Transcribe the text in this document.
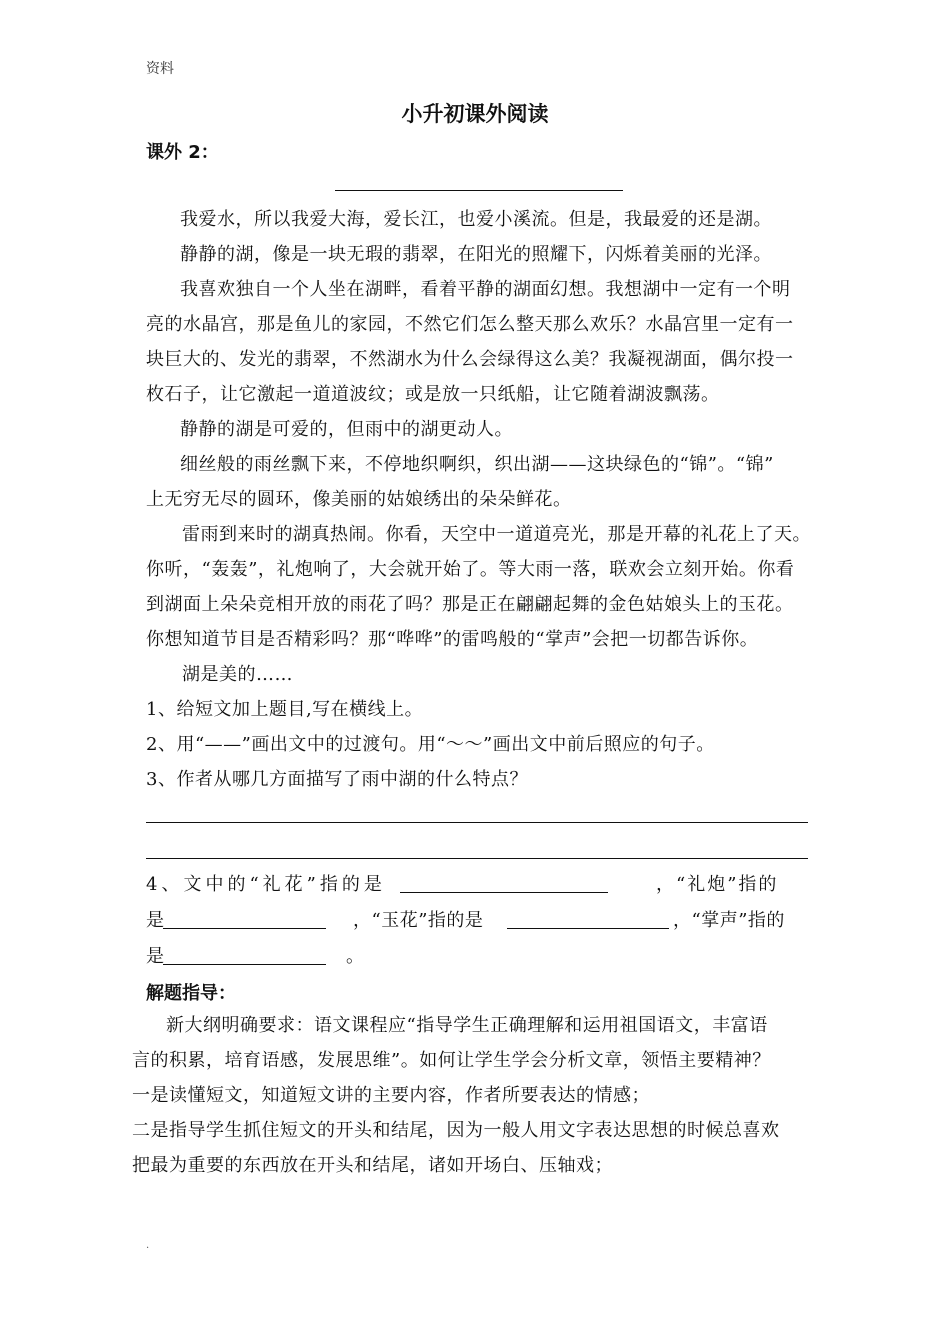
资料
小升初课外阅读
课外 2：
我爱水，所以我爱大海，爱长江，也爱小溪流。但是，我最爱的还是湖。
静静的湖，像是一块无瑕的翡翠，在阳光的照耀下，闪烁着美丽的光泽。
我喜欢独自一个人坐在湖畔，看着平静的湖面幻想。我想湖中一定有一个明
亮的水晶宫，那是鱼儿的家园，不然它们怎么整天那么欢乐？水晶宫里一定有一
块巨大的、发光的翡翠，不然湖水为什么会绿得这么美？我凝视湖面，偶尔投一
枚石子，让它激起一道道波纹；或是放一只纸船，让它随着湖波飘荡。
静静的湖是可爱的，但雨中的湖更动人。
细丝般的雨丝飘下来，不停地织啊织，织出湖——这块绿色的“锦”。“锦”
上无穷无尽的圆环，像美丽的姑娘绣出的朵朵鲜花。
雷雨到来时的湖真热闹。你看，天空中一道道亮光，那是开幕的礼花上了天。
你听，“轰轰”，礼炮响了，大会就开始了。等大雨一落，联欢会立刻开始。你看
到湖面上朵朵竞相开放的雨花了吗？那是正在翩翩起舞的金色姑娘头上的玉花。
你想知道节目是否精彩吗？那“哗哗”的雷鸣般的“掌声”会把一切都告诉你。
湖是美的……
1、给短文加上题目,写在横线上。
2、用“——”画出文中的过渡句。用“～～”画出文中前后照应的句子。
3、作者从哪几方面描写了雨中湖的什么特点？
4、文中的“礼花”指的是	，“礼炮”指的
是	，“玉花”指的是	，“掌声”指的
是	。
解题指导：
新大纲明确要求：语文课程应“指导学生正确理解和运用祖国语文，丰富语
言的积累，培育语感，发展思维”。如何让学生学会分析文章，领悟主要精神？
一是读懂短文，知道短文讲的主要内容，作者所要表达的情感；
二是指导学生抓住短文的开头和结尾，因为一般人用文字表达思想的时候总喜欢
把最为重要的东西放在开头和结尾，诸如开场白、压轴戏；
.
